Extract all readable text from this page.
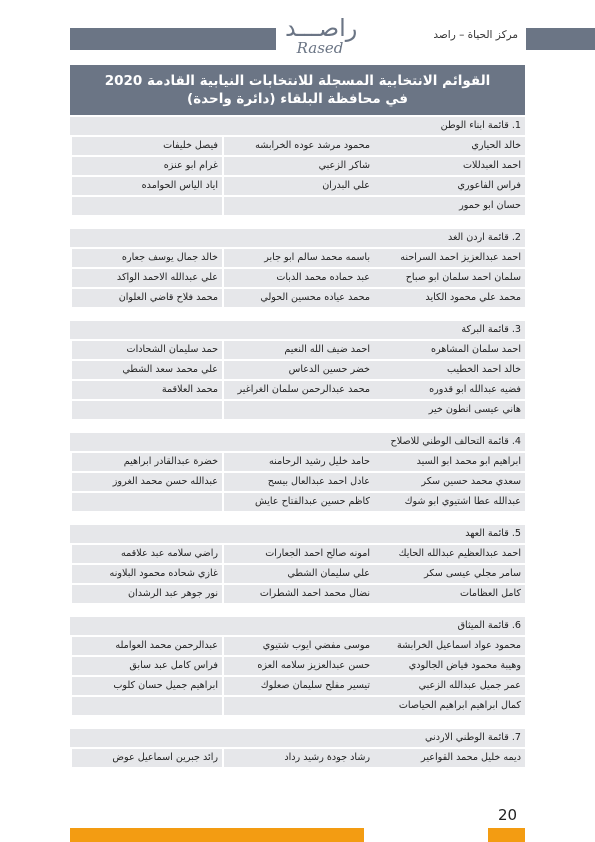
راصـــد
Rased
مركز الحياة – راصد
القوائم الانتخابية المسجلة للانتخابات النيابية القادمة 2020
في محافظة البلقاء (دائرة واحدة)
1. قائمة ابناء الوطن
خالد الحياري
محمود مرشد عوده الخرابشه
فيصل خليفات
احمد العبدللات
شاكر الزعبي
غرام ابو عنزه
فراس الفاعوري
علي البدران
اياد الياس الحوامده
حسان ابو حمور
2. قائمة اردن الغد
احمد عبدالعزيز احمد السراحنه
باسمه محمد سالم ابو جابر
خالد جمال يوسف جعاره
سلمان احمد سلمان ابو صباح
عبد حماده محمد الدبات
علي عبدالله الاحمد الواكد
محمد علي محمود الكايد
محمد عياده محسين الحولي
محمد فلاح قاضي العلوان
3. قائمة البركة
احمد سلمان المشاهره
احمد ضيف الله النعيم
حمد سليمان الشحادات
خالد احمد الخطيب
خضر حسين الدعاس
علي محمد سعد الشطي
فضيه عبدالله ابو قدوره
محمد عبدالرحمن سلمان الغراغير
محمد العلاقمة
هاني عيسى انطون خير
4. قائمة التحالف الوطني للاصلاح
ابراهيم ابو محمد ابو السيد
حامد خليل رشيد الرحامنه
خضرة عبدالقادر ابراهيم
سعدي محمد حسين سكر
عادل احمد عبدالعال بيسح
عبدالله حسن محمد الغروز
عبدالله عطا اشتيوي ابو شوك
كاظم حسين عبدالفتاح عايش
5. قائمة العهد
احمد عبدالعظيم عبدالله الحايك
امونه صالح احمد الجعارات
راضي سلامه عبد علاقمه
سامر مجلي عيسى سكر
علي سليمان الشطي
غازي شحاده محمود البلاونه
كامل العظامات
نضال محمد احمد الشطرات
نور جوهر عبد الرشدان
6. قائمة الميثاق
محمود عواد اسماعيل الخرابشة
موسى مفضي ايوب شتيوي
عبدالرحمن محمد العوامله
وهيبة محمود فياض الجالودي
حسن عبدالعزيز سلامه العزه
فراس كامل عبد سابق
عمر جميل عبدالله الزعبي
تيسير مفلح سليمان صعلوك
ابراهيم جميل حسان كلوب
كمال ابراهيم ابراهيم الحياصات
7. قائمة الوطني الاردني
ديمه خليل محمد القواعير
رشاد جودة رشيد رداد
رائد جبرين اسماعيل عوض
20
